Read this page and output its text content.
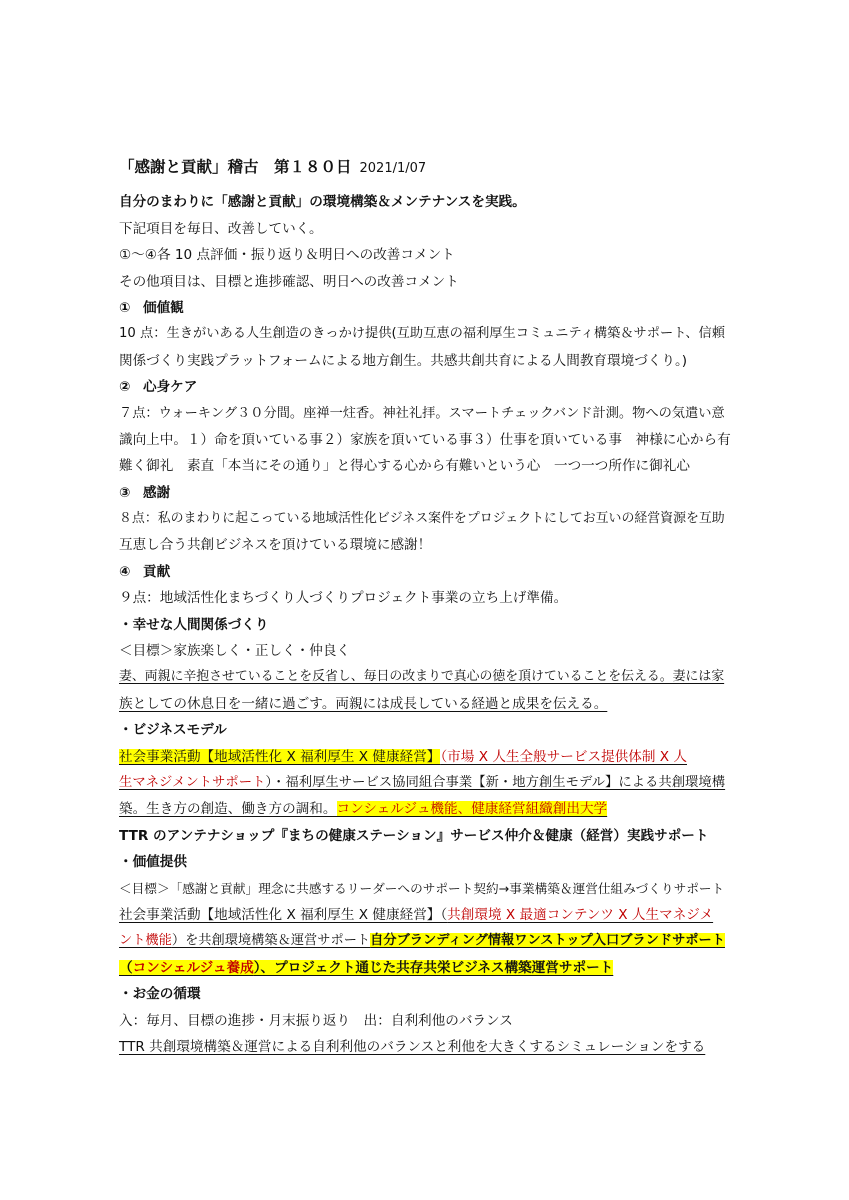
「感謝と貢献」稽古　第１８０日 2021/1/07
自分のまわりに「感謝と貢献」の環境構築＆メンテナンスを実践。
下記項目を毎日、改善していく。
①～④各 10 点評価・振り返り＆明日への改善コメント
その他項目は、目標と進捗確認、明日への改善コメント
① 価値観
10 点：生きがいある人生創造のきっかけ提供(互助互恵の福利厚生コミュニティ構築＆サポート、信頼
関係づくり実践プラットフォームによる地方創生。共感共創共育による人間教育環境づくり。)
② 心身ケア
７点：ウォーキング３０分間。座禅一炷香。神社礼拝。スマートチェックバンド計測。物への気遣い意
識向上中。１）命を頂いている事２）家族を頂いている事３）仕事を頂いている事　神様に心から有
難く御礼　素直「本当にその通り」と得心する心から有難いという心　一つ一つ所作に御礼心
③ 感謝
８点：私のまわりに起こっている地域活性化ビジネス案件をプロジェクトにしてお互いの経営資源を互助
互恵し合う共創ビジネスを頂けている環境に感謝！
④ 貢献
９点：地域活性化まちづくり人づくりプロジェクト事業の立ち上げ準備。
・幸せな人間関係づくり
＜目標＞家族楽しく・正しく・仲良く
妻、両親に辛抱させていることを反省し、毎日の改まりで真心の徳を頂けていることを伝える。妻には家
族としての休息日を一緒に過ごす。両親には成長している経過と成果を伝える。
・ビジネスモデル
社会事業活動【地域活性化 X 福利厚生 X 健康経営】（市場 X 人生全般サービス提供体制 X 人
生マネジメントサポート）・福利厚生サービス協同組合事業【新・地方創生モデル】による共創環境構
築。生き方の創造、働き方の調和。コンシェルジュ機能、健康経営組織創出大学
TTR のアンテナショップ『まちの健康ステーション』サービス仲介＆健康（経営）実践サポート
・価値提供
＜目標＞「感謝と貢献」理念に共感するリーダーへのサポート契約→事業構築＆運営仕組みづくりサポート
社会事業活動【地域活性化 X 福利厚生 X 健康経営】（共創環境 X 最適コンテンツ X 人生マネジメ
ント機能）を共創環境構築＆運営サポート自分ブランディング情報ワンストップ入口ブランドサポート
（コンシェルジュ養成）、プロジェクト通じた共存共栄ビジネス構築運営サポート
・お金の循環
入：毎月、目標の進捗・月末振り返り　出：自利利他のバランス
TTR 共創環境構築＆運営による自利利他のバランスと利他を大きくするシミュレーションをする
